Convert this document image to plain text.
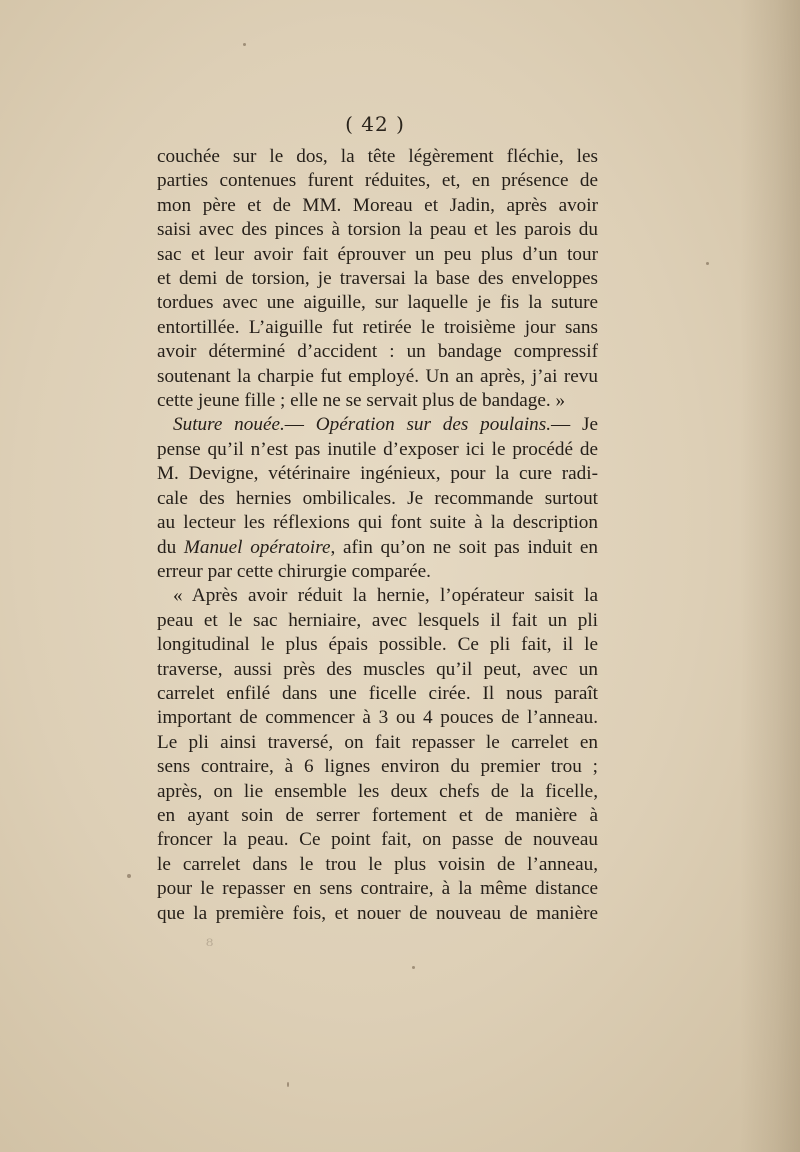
( 42 )
couchée sur le dos, la tête légèrement fléchie, les
parties contenues furent réduites, et, en présence de
mon père et de MM. Moreau et Jadin, après avoir
saisi avec des pinces à torsion la peau et les parois du
sac et leur avoir fait éprouver un peu plus d’un tour
et demi de torsion, je traversai la base des enveloppes
tordues avec une aiguille, sur laquelle je fis la suture
entortillée. L’aiguille fut retirée le troisième jour sans
avoir déterminé d’accident : un bandage compressif
soutenant la charpie fut employé. Un an après, j’ai revu
cette jeune fille ; elle ne se servait plus de bandage. »
Suture nouée.— Opération sur des poulains.— Je
pense qu’il n’est pas inutile d’exposer ici le procédé de
M. Devigne, vétérinaire ingénieux, pour la cure radi-
cale des hernies ombilicales. Je recommande surtout
au lecteur les réflexions qui font suite à la description
du Manuel opératoire, afin qu’on ne soit pas induit en
erreur par cette chirurgie comparée.
« Après avoir réduit la hernie, l’opérateur saisit la
peau et le sac herniaire, avec lesquels il fait un pli
longitudinal le plus épais possible. Ce pli fait, il le
traverse, aussi près des muscles qu’il peut, avec un
carrelet enfilé dans une ficelle cirée. Il nous paraît
important de commencer à 3 ou 4 pouces de l’anneau.
Le pli ainsi traversé, on fait repasser le carrelet en
sens contraire, à 6 lignes environ du premier trou ;
après, on lie ensemble les deux chefs de la ficelle,
en ayant soin de serrer fortement et de manière à
froncer la peau. Ce point fait, on passe de nouveau
le carrelet dans le trou le plus voisin de l’anneau,
pour le repasser en sens contraire, à la même distance
que la première fois, et nouer de nouveau de manière
⁸
